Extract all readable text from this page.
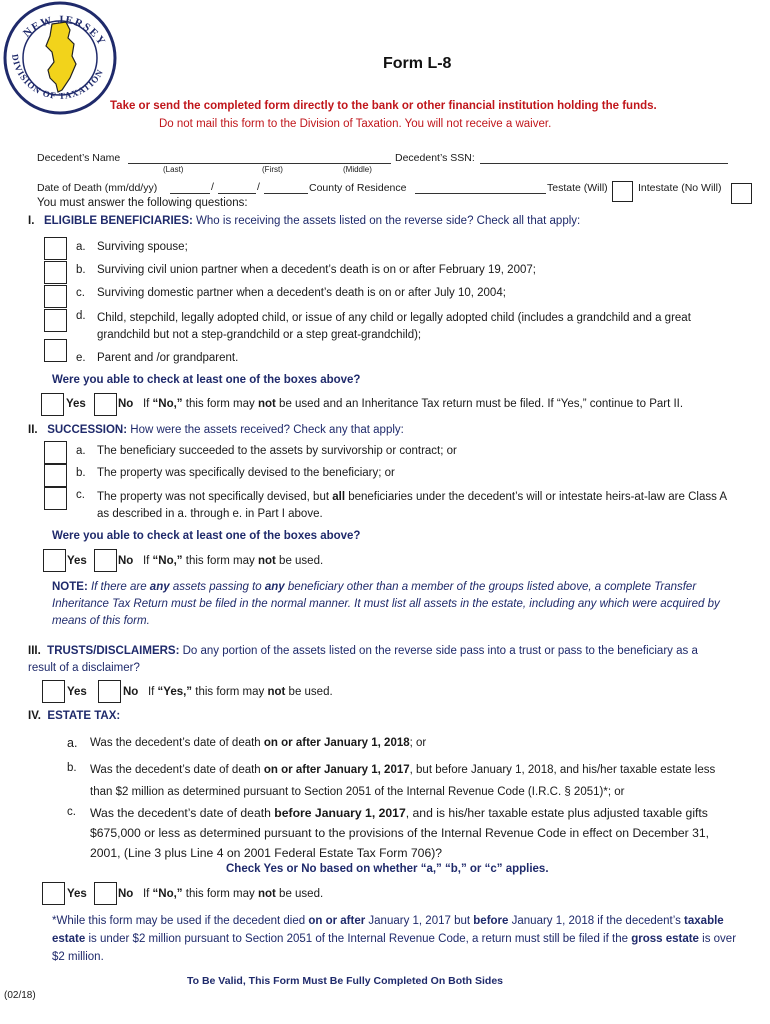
NEW JERSEY
DIVISION OF TAXATION
Form L-8
Take or send the completed form directly to the bank or other financial institution holding the funds.
Do not mail this form to the Division of Taxation. You will not receive a waiver.
Decedent’s Name
(Last)	(First)	(Middle)
Decedent’s SSN:
Date of Death (mm/dd/yy)	/	/	County of Residence	Testate (Will)	Intestate (No Will)
You must answer the following questions:
I. ELIGIBLE BENEFICIARIES: Who is receiving the assets listed on the reverse side? Check all that apply:
a. Surviving spouse;
b. Surviving civil union partner when a decedent’s death is on or after February 19, 2007;
c. Surviving domestic partner when a decedent’s death is on or after July 10, 2004;
d. Child, stepchild, legally adopted child, or issue of any child or legally adopted child (includes a grandchild and a great grandchild but not a step-grandchild or a step great-grandchild);
e. Parent and /or grandparent.
Were you able to check at least one of the boxes above?
Yes	No If “No,” this form may not be used and an Inheritance Tax return must be filed. If “Yes,” continue to Part II.
II. SUCCESSION: How were the assets received? Check any that apply:
a. The beneficiary succeeded to the assets by survivorship or contract; or
b. The property was specifically devised to the beneficiary; or
c. The property was not specifically devised, but all beneficiaries under the decedent’s will or intestate heirs-at-law are Class A as described in a. through e. in Part I above.
Were you able to check at least one of the boxes above?
Yes	No If “No,” this form may not be used.
NOTE: If there are any assets passing to any beneficiary other than a member of the groups listed above, a complete Transfer Inheritance Tax Return must be filed in the normal manner. It must list all assets in the estate, including any which were acquired by means of this form.
III. TRUSTS/DISCLAIMERS: Do any portion of the assets listed on the reverse side pass into a trust or pass to the beneficiary as a result of a disclaimer?
Yes	No If “Yes,” this form may not be used.
IV. ESTATE TAX:
a. Was the decedent’s date of death on or after January 1, 2018; or
b. Was the decedent’s date of death on or after January 1, 2017, but before January 1, 2018, and his/her taxable estate less than $2 million as determined pursuant to Section 2051 of the Internal Revenue Code (I.R.C. § 2051)*; or
c. Was the decedent’s date of death before January 1, 2017, and is his/her taxable estate plus adjusted taxable gifts $675,000 or less as determined pursuant to the provisions of the Internal Revenue Code in effect on December 31, 2001, (Line 3 plus Line 4 on 2001 Federal Estate Tax Form 706)?
Check Yes or No based on whether “a,” “b,” or “c” applies.
Yes	No If “No,” this form may not be used.
*While this form may be used if the decedent died on or after January 1, 2017 but before January 1, 2018 if the decedent’s taxable estate is under $2 million pursuant to Section 2051 of the Internal Revenue Code, a return must still be filed if the gross estate is over $2 million.
To Be Valid, This Form Must Be Fully Completed On Both Sides
(02/18)
